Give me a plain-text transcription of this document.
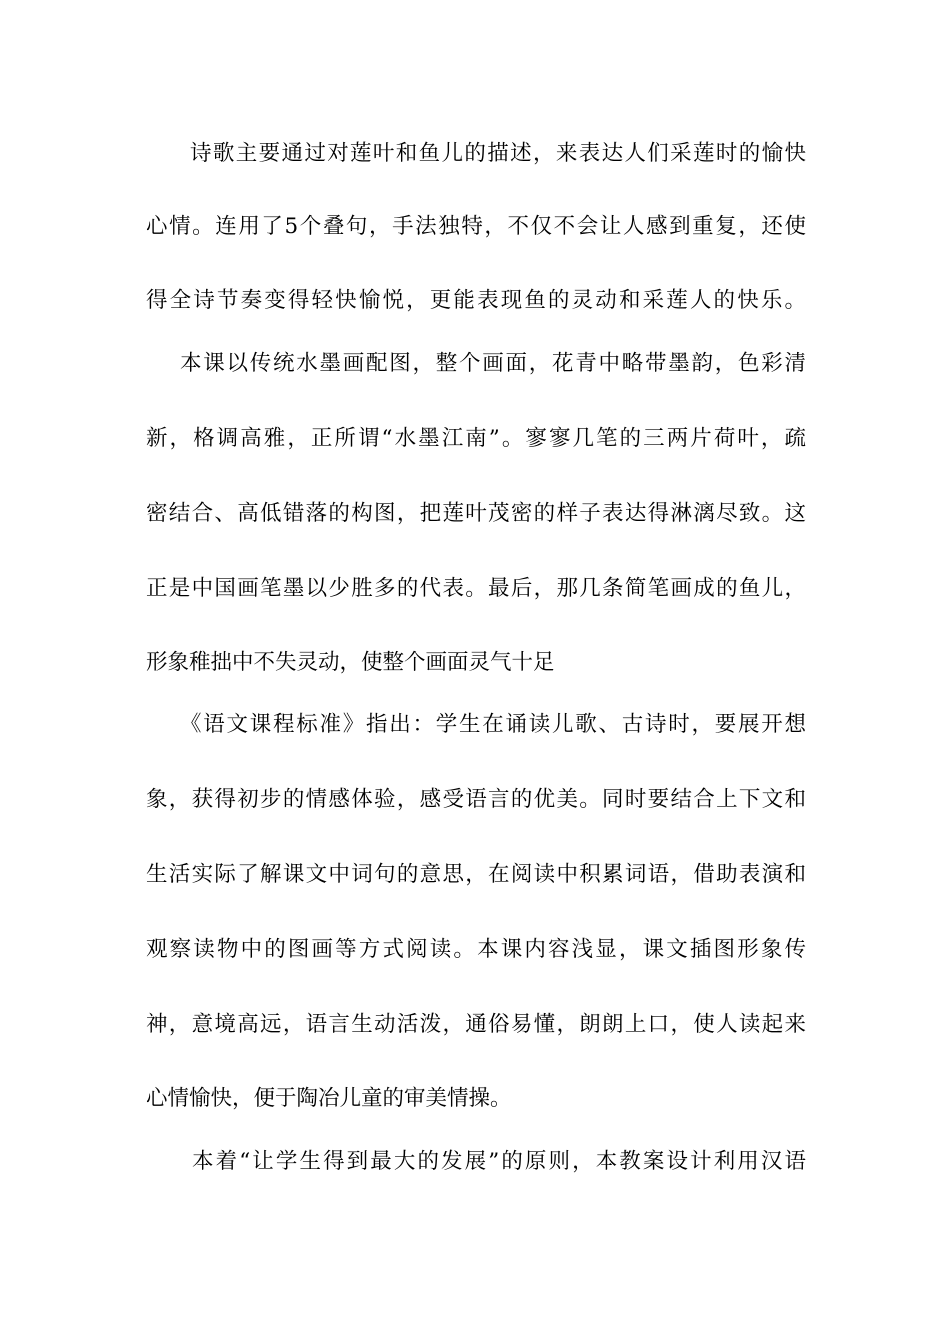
诗歌主要通过对莲叶和鱼儿的描述，来表达人们采莲时的愉快
心情。连用了5个叠句，手法独特，不仅不会让人感到重复，还使
得全诗节奏变得轻快愉悦，更能表现鱼的灵动和采莲人的快乐。
本课以传统水墨画配图，整个画面，花青中略带墨韵，色彩清
新，格调高雅，正所谓“水墨江南”。寥寥几笔的三两片荷叶，疏
密结合、高低错落的构图，把莲叶茂密的样子表达得淋漓尽致。这
正是中国画笔墨以少胜多的代表。最后，那几条简笔画成的鱼儿，
形象稚拙中不失灵动，使整个画面灵气十足
《语文课程标准》指出：学生在诵读儿歌、古诗时，要展开想
象，获得初步的情感体验，感受语言的优美。同时要结合上下文和
生活实际了解课文中词句的意思，在阅读中积累词语，借助表演和
观察读物中的图画等方式阅读。本课内容浅显，课文插图形象传
神，意境高远，语言生动活泼，通俗易懂，朗朗上口，使人读起来
心情愉快，便于陶冶儿童的审美情操。
本着“让学生得到最大的发展”的原则，本教案设计利用汉语
